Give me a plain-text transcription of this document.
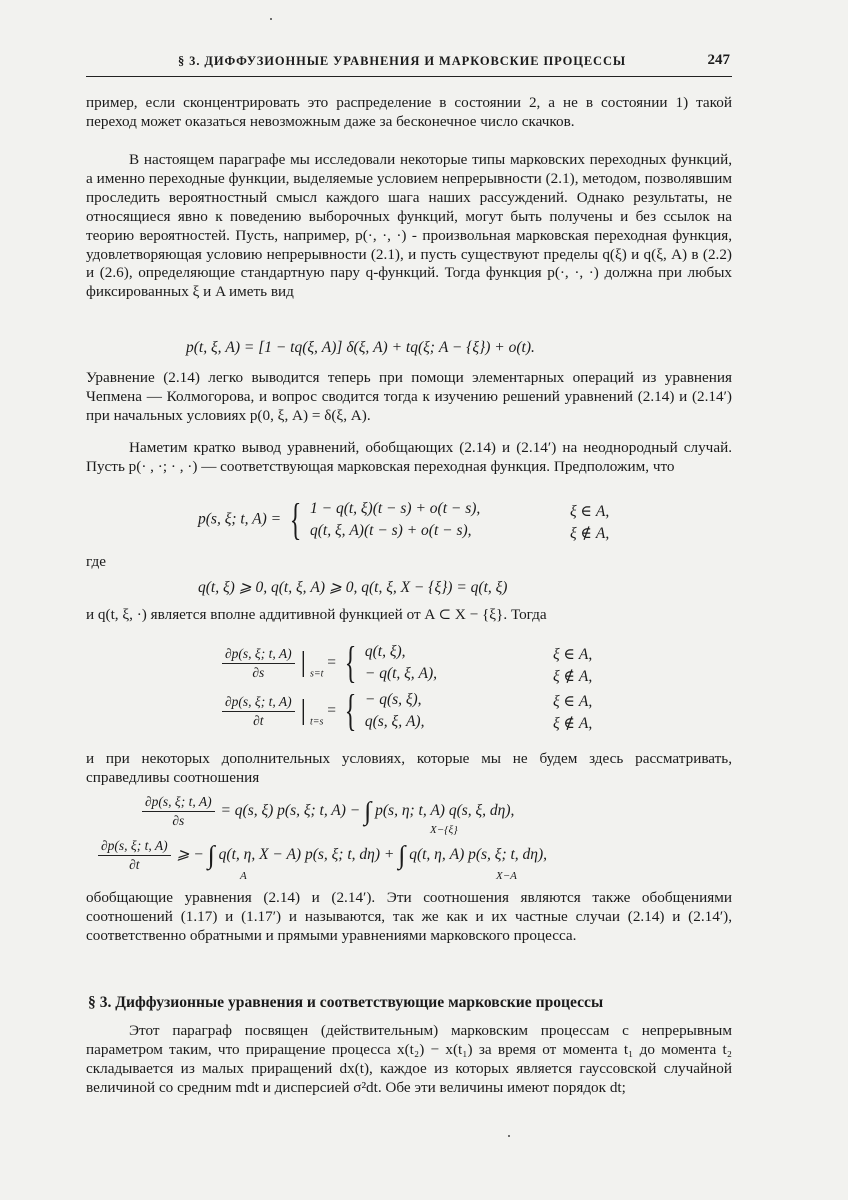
§ 3. ДИФФУЗИОННЫЕ УРАВНЕНИЯ И МАРКОВСКИЕ ПРОЦЕССЫ	247

пример, если сконцентрировать это распределение в состоянии 2, а не в состоянии 1) такой переход может оказаться невозможным даже за бесконечное число скачков.

В настоящем параграфе мы исследовали некоторые типы марковских переходных функций, а именно переходные функции, выделяемые условием непрерывности (2.1), методом, позволявшим проследить вероятностный смысл каждого шага наших рассуждений. Однако результаты, не относящиеся явно к поведению выборочных функций, могут быть получены и без ссылок на теорию вероятностей. Пусть, например, p(·, ·, ·) - произвольная марковская переходная функция, удовлетворяющая условию непрерывности (2.1), и пусть существуют пределы q(ξ) и q(ξ, A) в (2.2) и (2.6), определяющие стандартную пару q-функций. Тогда функция p(·, ·, ·) должна при любых фиксированных ξ и A иметь вид

p(t, ξ, A) = [1 − tq(ξ, A)] δ(ξ, A) + tq(ξ; A − {ξ}) + o(t).

Уравнение (2.14) легко выводится теперь при помощи элементарных операций из уравнения Чепмена — Колмогорова, и вопрос сводится тогда к изучению решений уравнений (2.14) и (2.14′) при начальных условиях p(0, ξ, A) = δ(ξ, A).

Наметим кратко вывод уравнений, обобщающих (2.14) и (2.14′) на неоднородный случай. Пусть p(· , ·; · , ·) — соответствующая марковская переходная функция. Предположим, что

p(s, ξ; t, A) = { 1 − q(t, ξ)(t − s) + o(t − s),
q(t, ξ, A)(t − s) + o(t − s),
ξ ∈ A,
ξ ∉ A,

где

q(t, ξ) ⩾ 0, q(t, ξ, A) ⩾ 0, q(t, ξ, X − {ξ}) = q(t, ξ)

и q(t, ξ, ·) является вполне аддитивной функцией от A ⊂ X − {ξ}. Тогда

$\frac{\partial p(s, \xi; t, A)}{\partial s}$ | $_{s=t}$ = { q(t, ξ),
− q(t, ξ, A),
ξ ∈ A,
ξ ∉ A,
$\frac{\partial p(s, \xi; t, A)}{\partial t}$ | $_{t=s}$ = { − q(s, ξ),
q(s, ξ, A),
ξ ∈ A,
ξ ∉ A,

и при некоторых дополнительных условиях, которые мы не будем здесь рассматривать, справедливы соотношения

$\frac{\partial p(s, \xi; t, A)}{\partial s} = q(s$, ξ) p(s, ξ; t, A) − ∫ p(s, η; t, A) q(s, ξ, dη),
X−{ξ}
$\frac{\partial p(s, \xi; t, A)}{\partial t}$ ⩾ − ∫ q(t, η, X − A) p(s, ξ; t, dη) + ∫ q(t, η, A) p(s, ξ; t, dη),
A	X−A

обобщающие уравнения (2.14) и (2.14′). Эти соотношения являются также обобщениями соотношений (1.17) и (1.17′) и называются, так же как и их частные случаи (2.14) и (2.14′), соответственно обратными и прямыми уравнениями марковского процесса.

§ 3. Диффузионные уравнения и соответствующие марковские процессы

Этот параграф посвящен (действительным) марковским процессам с непрерывным параметром таким, что приращение процесса x(t₂) − x(t₁) за время от момента t₁ до момента t₂ складывается из малых приращений dx(t), каждое из которых является гауссовской случайной величиной со средним mdt и дисперсией σ²dt. Обе эти величины имеют порядок dt;
